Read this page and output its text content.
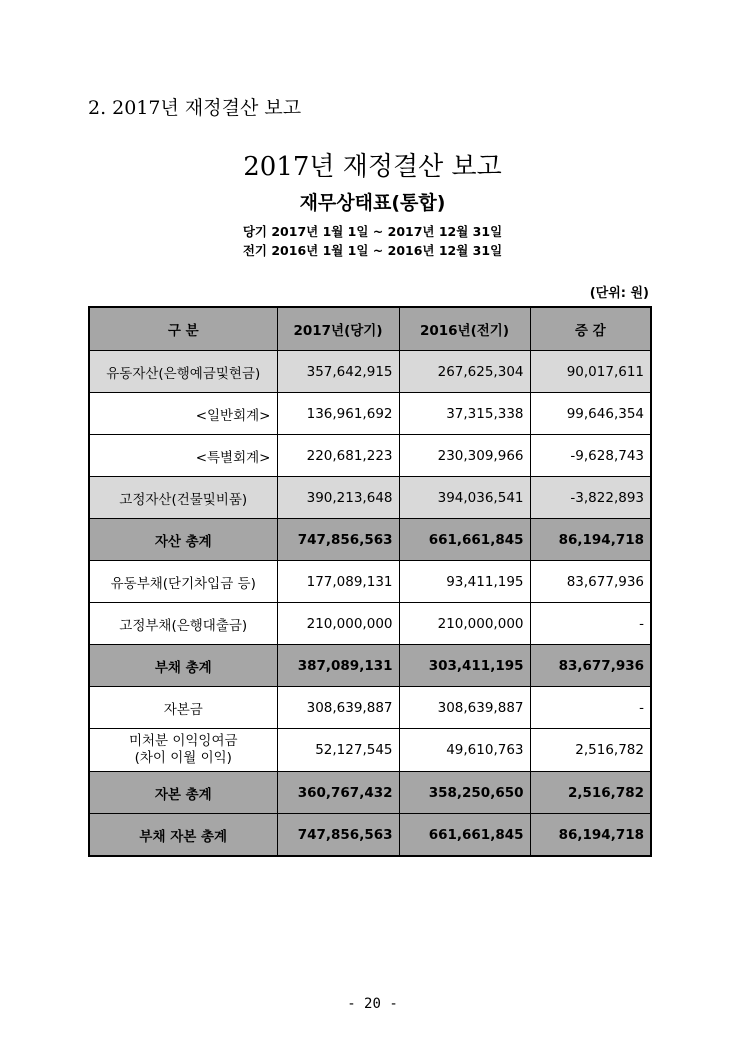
2. 2017년 재정결산 보고
2017년 재정결산 보고
재무상태표(통합)
당기 2017년 1월 1일 ~ 2017년 12월 31일
전기 2016년 1월 1일 ~ 2016년 12월 31일
(단위: 원)
구 분	2017년(당기)	2016년(전기)	증 감
유동자산(은행예금및현금)	357,642,915	267,625,304	90,017,611
<일반회계>	136,961,692	37,315,338	99,646,354
<특별회계>	220,681,223	230,309,966	-9,628,743
고정자산(건물및비품)	390,213,648	394,036,541	-3,822,893
자산 총계	747,856,563	661,661,845	86,194,718
유동부채(단기차입금 등)	177,089,131	93,411,195	83,677,936
고정부채(은행대출금)	210,000,000	210,000,000	-
부채 총계	387,089,131	303,411,195	83,677,936
자본금	308,639,887	308,639,887	-

미처분 이익잉여금
(차이 이월 이익)	52,127,545	49,610,763	2,516,782
자본 총계	360,767,432	358,250,650	2,516,782
부채 자본 총계	747,856,563	661,661,845	86,194,718
- 20 -
